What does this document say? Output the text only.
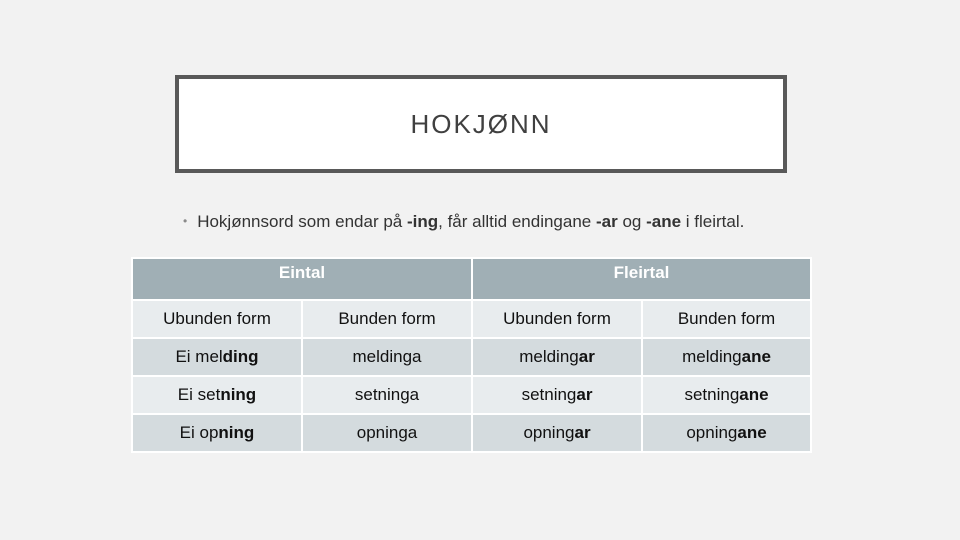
HOKJØNN
• Hokjønnsord som endar på -ing, får alltid endingane -ar og -ane i fleirtal.
Eintal		Fleirtal	
Ubunden form	Bunden form	Ubunden form	Bunden form
Ei melding	meldinga	meldingar	meldingane
Ei setning	setninga	setningar	setningane
Ei opning	opninga	opningar	opningane
